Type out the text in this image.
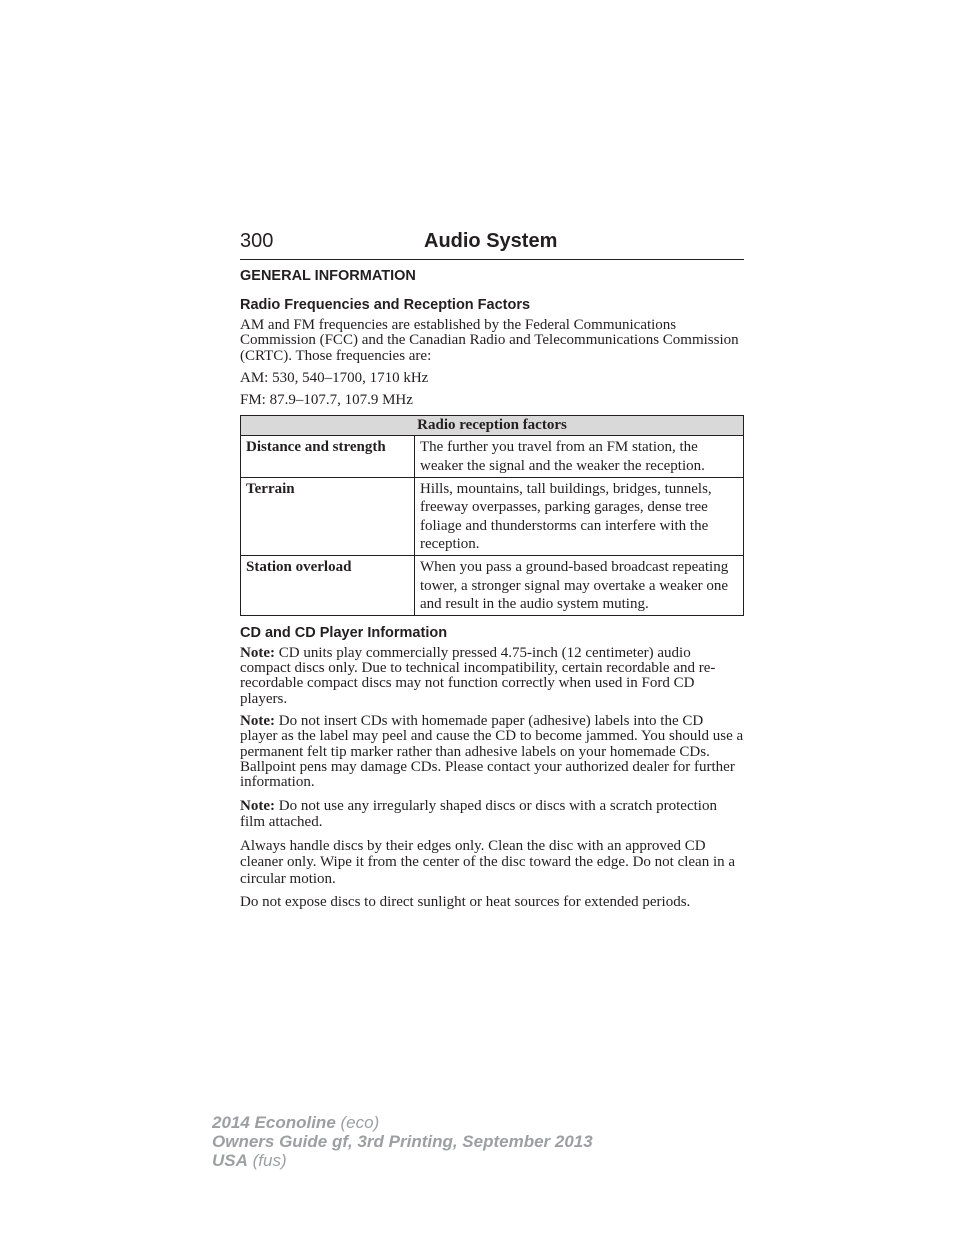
300	Audio System
GENERAL INFORMATION
Radio Frequencies and Reception Factors

AM and FM frequencies are established by the Federal Communications Commission (FCC) and the Canadian Radio and Telecommunications Commission (CRTC). Those frequencies are:

AM: 530, 540–1700, 1710 kHz

FM: 87.9–107.7, 107.9 MHz

Radio reception factors	
Distance and strength	The further you travel from an FM station, the weaker the signal and the weaker the reception.
Terrain	Hills, mountains, tall buildings, bridges, tunnels, freeway overpasses, parking garages, dense tree foliage and thunderstorms can interfere with the reception.
Station overload	When you pass a ground-based broadcast repeating tower, a stronger signal may overtake a weaker one and result in the audio system muting.
CD and CD Player Information

Note: CD units play commercially pressed 4.75-inch (12 centimeter) audio compact discs only. Due to technical incompatibility, certain recordable and re-recordable compact discs may not function correctly when used in Ford CD players.

Note: Do not insert CDs with homemade paper (adhesive) labels into the CD player as the label may peel and cause the CD to become jammed. You should use a permanent felt tip marker rather than adhesive labels on your homemade CDs. Ballpoint pens may damage CDs. Please contact your authorized dealer for further information.

Note: Do not use any irregularly shaped discs or discs with a scratch protection film attached.

Always handle discs by their edges only. Clean the disc with an approved CD cleaner only. Wipe it from the center of the disc toward the edge. Do not clean in a circular motion.

Do not expose discs to direct sunlight or heat sources for extended periods.

2014 Econoline (eco)
Owners Guide gf, 3rd Printing, September 2013
USA (fus)
